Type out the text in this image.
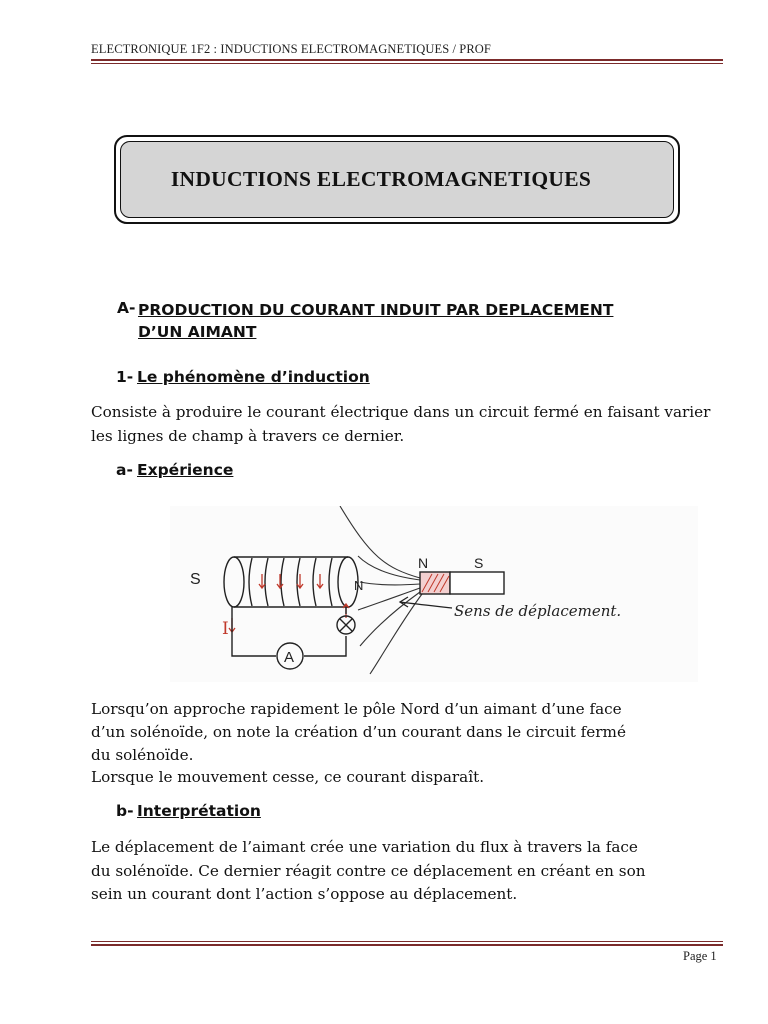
ELECTRONIQUE 1F2 : INDUCTIONS ELECTROMAGNETIQUES / PROF
INDUCTIONS ELECTROMAGNETIQUES
A- PRODUCTION DU COURANT INDUIT PAR DEPLACEMENT
D’UN AIMANT
1- Le phénomène d’induction
Consiste à produire le courant électrique dans un circuit fermé en faisant varier les lignes de champ à travers ce dernier.
a- Expérience
S	N
N	S
I
A
Sens de déplacement.
Lorsqu’on approche rapidement le pôle Nord d’un aimant d’une face
d’un solénoïde, on note la création d’un courant dans le circuit fermé
du solénoïde.
Lorsque le mouvement cesse, ce courant disparaît.
b- Interprétation
Le déplacement de l’aimant crée une variation du flux à travers la face
du solénoïde. Ce dernier réagit contre ce déplacement en créant en son
sein un courant dont l’action s’oppose au déplacement.
Page 1
